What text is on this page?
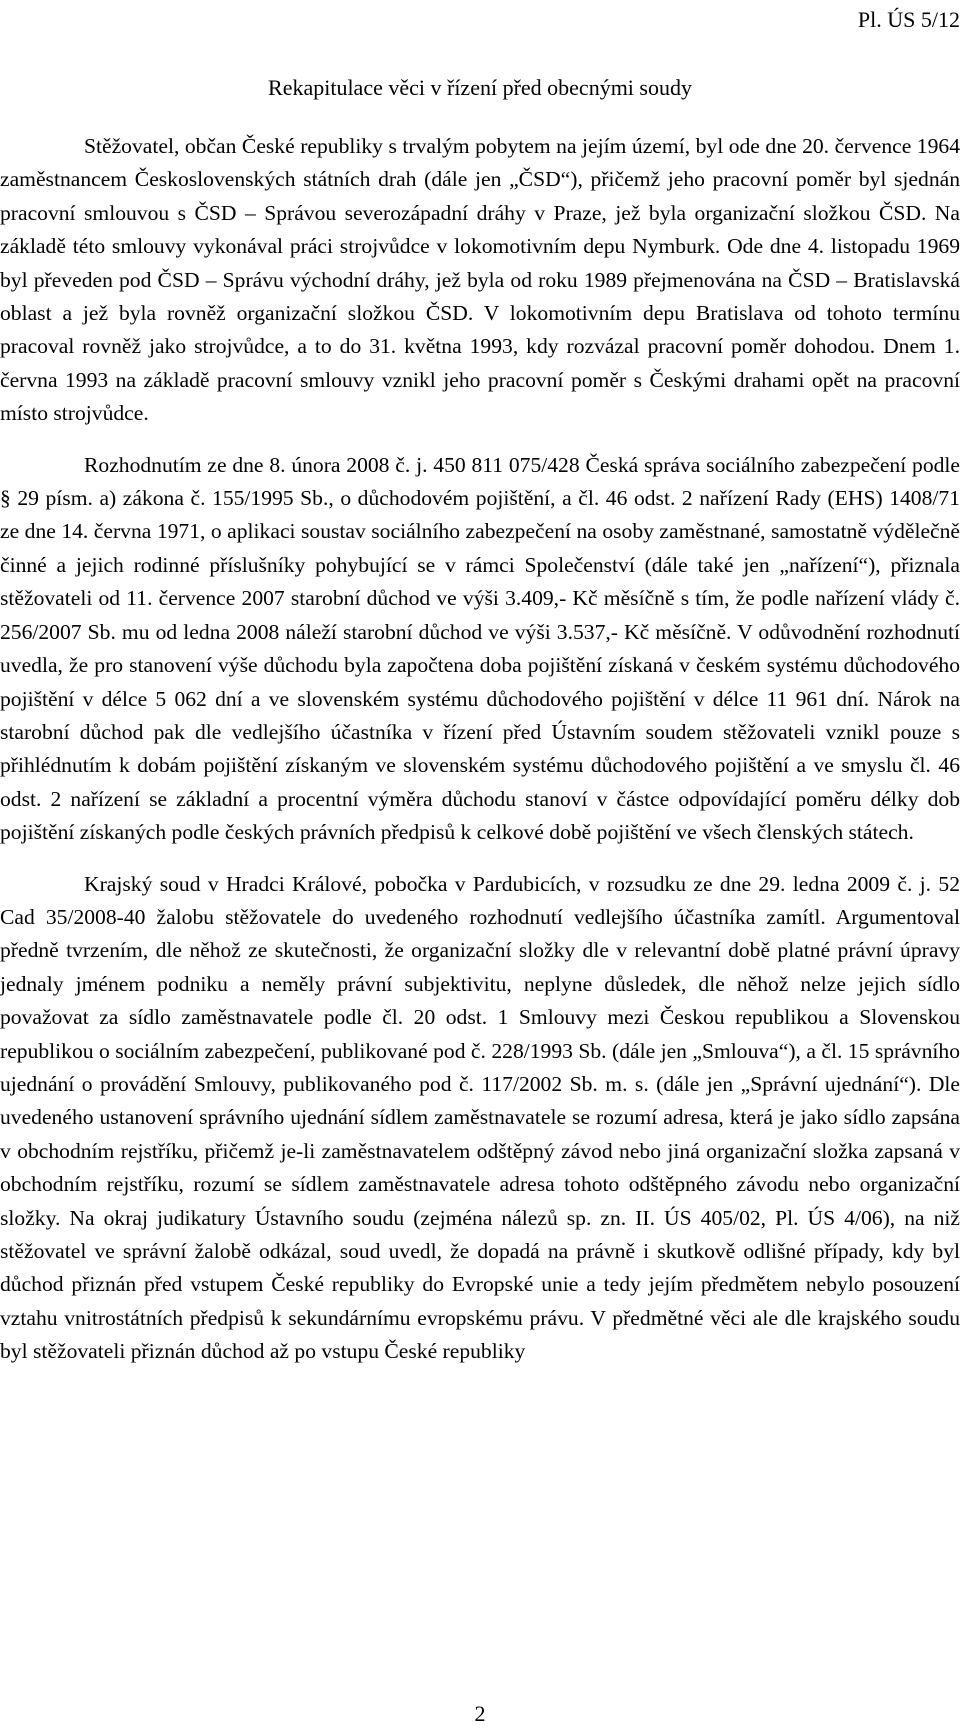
Pl. ÚS 5/12
Rekapitulace věci v řízení před obecnými soudy

Stěžovatel, občan České republiky s trvalým pobytem na jejím území, byl ode dne 20. července 1964 zaměstnancem Československých státních drah (dále jen „ČSD“), přičemž jeho pracovní poměr byl sjednán pracovní smlouvou s ČSD – Správou severozápadní dráhy v Praze, jež byla organizační složkou ČSD. Na základě této smlouvy vykonával práci strojvůdce v lokomotivním depu Nymburk. Ode dne 4. listopadu 1969 byl převeden pod ČSD – Správu východní dráhy, jež byla od roku 1989 přejmenována na ČSD – Bratislavská oblast a jež byla rovněž organizační složkou ČSD. V lokomotivním depu Bratislava od tohoto termínu pracoval rovněž jako strojvůdce, a to do 31. května 1993, kdy rozvázal pracovní poměr dohodou. Dnem 1. června 1993 na základě pracovní smlouvy vznikl jeho pracovní poměr s Českými drahami opět na pracovní místo strojvůdce.

Rozhodnutím ze dne 8. února 2008 č. j. 450 811 075/428 Česká správa sociálního zabezpečení podle § 29 písm. a) zákona č. 155/1995 Sb., o důchodovém pojištění, a čl. 46 odst. 2 nařízení Rady (EHS) 1408/71 ze dne 14. června 1971, o aplikaci soustav sociálního zabezpečení na osoby zaměstnané, samostatně výdělečně činné a jejich rodinné příslušníky pohybující se v rámci Společenství (dále také jen „nařízení“), přiznala stěžovateli od 11. července 2007 starobní důchod ve výši 3.409,- Kč měsíčně s tím, že podle nařízení vlády č. 256/2007 Sb. mu od ledna 2008 náleží starobní důchod ve výši 3.537,- Kč měsíčně. V odůvodnění rozhodnutí uvedla, že pro stanovení výše důchodu byla započtena doba pojištění získaná v českém systému důchodového pojištění v délce 5 062 dní a ve slovenském systému důchodového pojištění v délce 11 961 dní. Nárok na starobní důchod pak dle vedlejšího účastníka v řízení před Ústavním soudem stěžovateli vznikl pouze s přihlédnutím k dobám pojištění získaným ve slovenském systému důchodového pojištění a ve smyslu čl. 46 odst. 2 nařízení se základní a procentní výměra důchodu stanoví v částce odpovídající poměru délky dob pojištění získaných podle českých právních předpisů k celkové době pojištění ve všech členských státech.

Krajský soud v Hradci Králové, pobočka v Pardubicích, v rozsudku ze dne 29. ledna 2009 č. j. 52 Cad 35/2008-40 žalobu stěžovatele do uvedeného rozhodnutí vedlejšího účastníka zamítl. Argumentoval předně tvrzením, dle něhož ze skutečnosti, že organizační složky dle v relevantní době platné právní úpravy jednaly jménem podniku a neměly právní subjektivitu, neplyne důsledek, dle něhož nelze jejich sídlo považovat za sídlo zaměstnavatele podle čl. 20 odst. 1 Smlouvy mezi Českou republikou a Slovenskou republikou o sociálním zabezpečení, publikované pod č. 228/1993 Sb. (dále jen „Smlouva“), a čl. 15 správního ujednání o provádění Smlouvy, publikovaného pod č. 117/2002 Sb. m. s. (dále jen „Správní ujednání“). Dle uvedeného ustanovení správního ujednání sídlem zaměstnavatele se rozumí adresa, která je jako sídlo zapsána v obchodním rejstříku, přičemž je-li zaměstnavatelem odštěpný závod nebo jiná organizační složka zapsaná v obchodním rejstříku, rozumí se sídlem zaměstnavatele adresa tohoto odštěpného závodu nebo organizační složky. Na okraj judikatury Ústavního soudu (zejména nálezů sp. zn. II. ÚS 405/02, Pl. ÚS 4/06), na niž stěžovatel ve správní žalobě odkázal, soud uvedl, že dopadá na právně i skutkově odlišné případy, kdy byl důchod přiznán před vstupem České republiky do Evropské unie a tedy jejím předmětem nebylo posouzení vztahu vnitrostátních předpisů k sekundárnímu evropskému právu. V předmětné věci ale dle krajského soudu byl stěžovateli přiznán důchod až po vstupu České republiky

2
